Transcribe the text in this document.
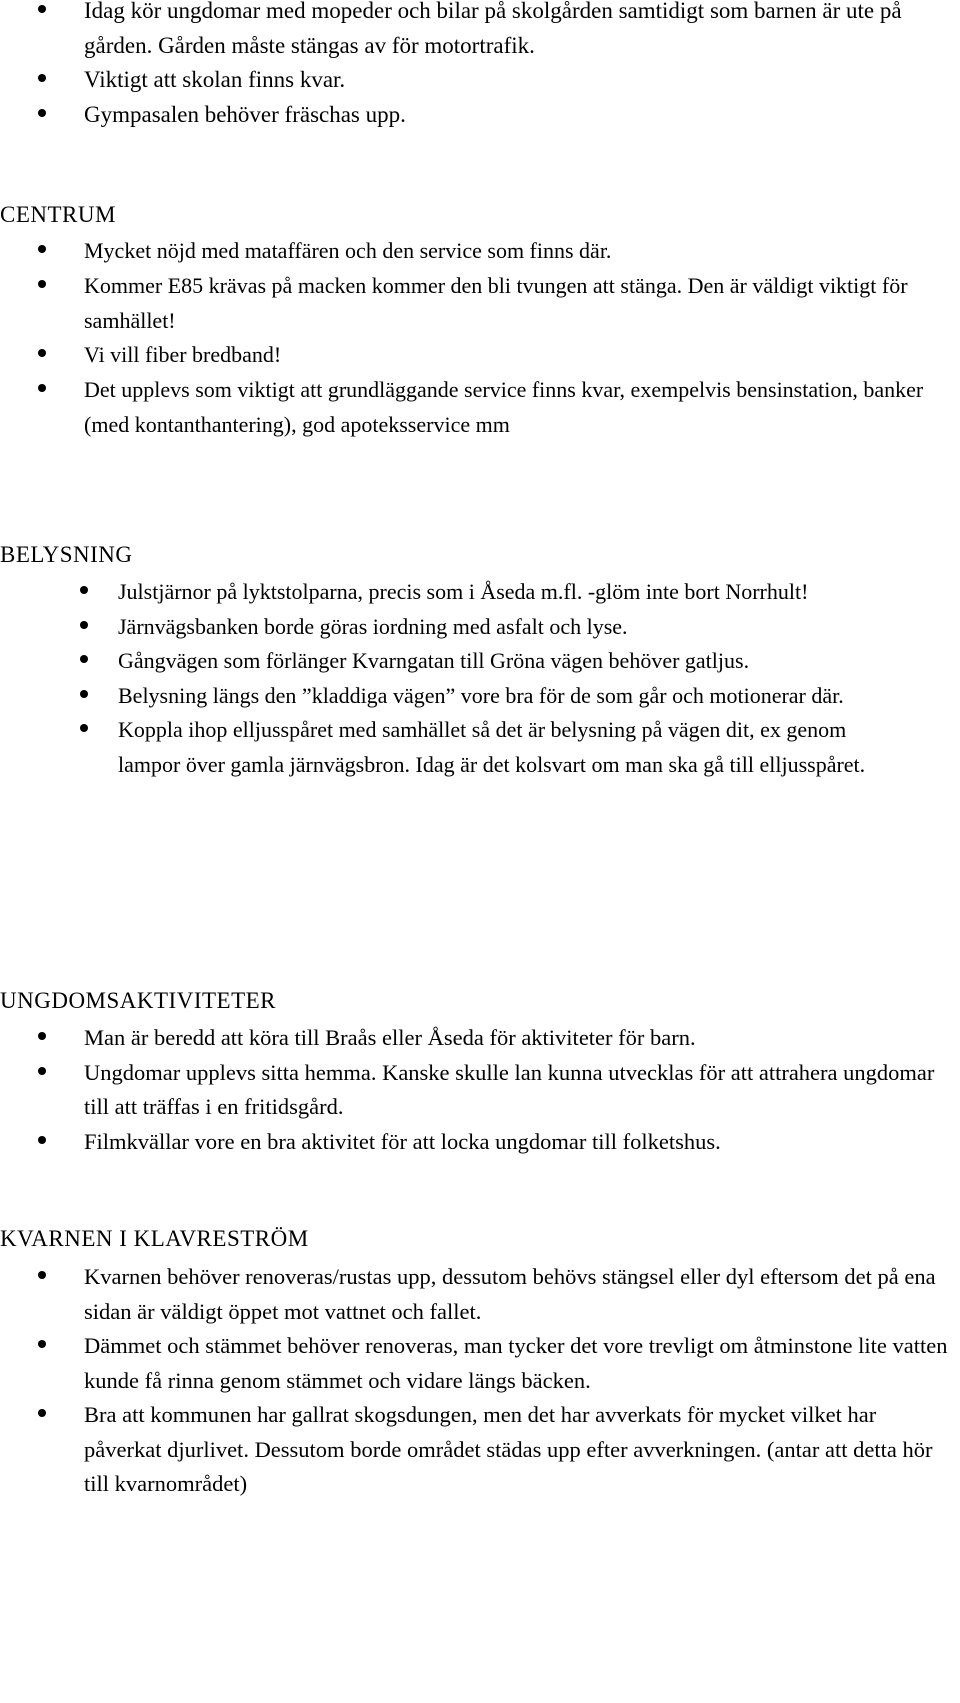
Idag kör ungdomar med mopeder och bilar på skolgården samtidigt som barnen är ute på gården. Gården måste stängas av för motortrafik.
Viktigt att skolan finns kvar.
Gympasalen behöver fräschas upp.
CENTRUM
Mycket nöjd med mataffären och den service som finns där.
Kommer E85 krävas på macken kommer den bli tvungen att stänga. Den är väldigt viktigt för samhället!
Vi vill fiber bredband!
Det upplevs som viktigt att grundläggande service finns kvar, exempelvis bensinstation, banker (med kontanthantering), god apoteksservice mm
BELYSNING
Julstjärnor på lyktstolparna, precis som i Åseda m.fl. -glöm inte bort Norrhult!
Järnvägsbanken borde göras iordning med asfalt och lyse.
Gångvägen som förlänger Kvarngatan till Gröna vägen behöver gatljus.
Belysning längs den ”kladdiga vägen” vore bra för de som går och motionerar där.
Koppla ihop elljusspåret med samhället så det är belysning på vägen dit, ex genom lampor över gamla järnvägsbron. Idag är det kolsvart om man ska gå till elljusspåret.
UNGDOMSAKTIVITETER
Man är beredd att köra till Braås eller Åseda för aktiviteter för barn.
Ungdomar upplevs sitta hemma. Kanske skulle lan kunna utvecklas för att attrahera ungdomar till att träffas i en fritidsgård.
Filmkvällar vore en bra aktivitet för att locka ungdomar till folketshus.
KVARNEN I KLAVRESTRÖM
Kvarnen behöver renoveras/rustas upp, dessutom behövs stängsel eller dyl eftersom det på ena sidan är väldigt öppet mot vattnet och fallet.
Dämmet och stämmet behöver renoveras, man tycker det vore trevligt om åtminstone lite vatten kunde få rinna genom stämmet och vidare längs bäcken.
Bra att kommunen har gallrat skogsdungen, men det har avverkats för mycket vilket har påverkat djurlivet. Dessutom borde området städas upp efter avverkningen. (antar att detta hör till kvarnområdet)
